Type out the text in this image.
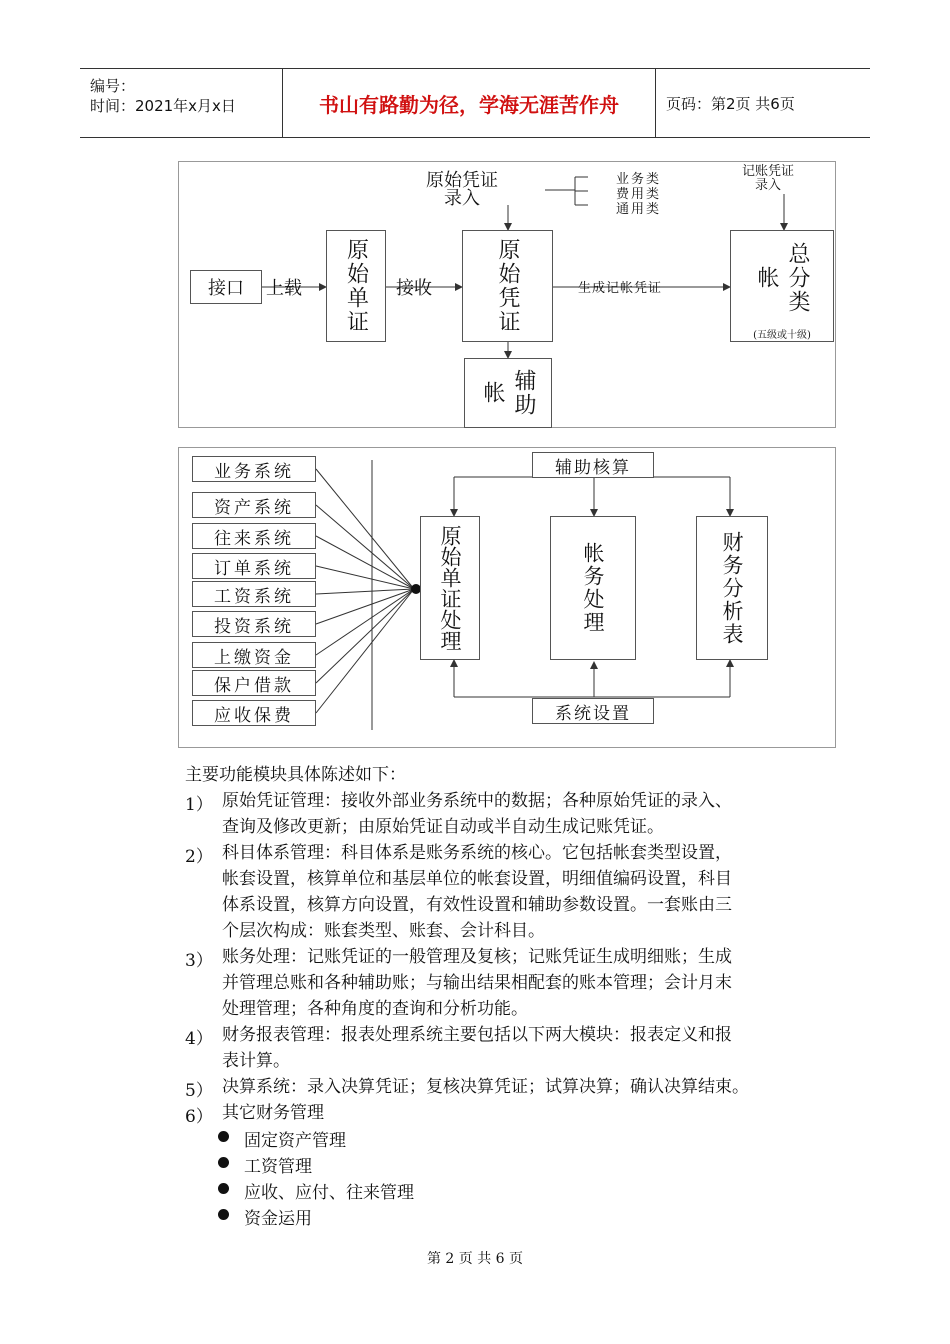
编号：
时间：2021年x月x日	书山有路勤为径，学海无涯苦作舟	页码：第2页 共6页
接口 上载 原始单证 接收
原始凭证
录入
业务类
费用类
通用类
原始凭证	生成记帐凭证
记账凭证
录入
总分类帐
(五级或十级)
辅助帐
业务系统
资产系统
往来系统
订单系统
工资系统
投资系统
上缴资金
保户借款
应收保费
辅助核算
原始单证处理	帐务处理	财务分析表
系统设置
主要功能模块具体陈述如下：
1） 原始凭证管理：接收外部业务系统中的数据；各种原始凭证的录入、
查询及修改更新；由原始凭证自动或半自动生成记账凭证。
2） 科目体系管理：科目体系是账务系统的核心。它包括帐套类型设置，
帐套设置，核算单位和基层单位的帐套设置，明细值编码设置，科目
体系设置，核算方向设置，有效性设置和辅助参数设置。一套账由三
个层次构成：账套类型、账套、会计科目。
3） 账务处理：记账凭证的一般管理及复核；记账凭证生成明细账；生成
并管理总账和各种辅助账；与输出结果相配套的账本管理；会计月末
处理管理；各种角度的查询和分析功能。
4） 财务报表管理：报表处理系统主要包括以下两大模块：报表定义和报
表计算。
5） 决算系统：录入决算凭证；复核决算凭证；试算决算；确认决算结束。
6） 其它财务管理
固定资产管理
工资管理
应收、应付、往来管理
资金运用
第 2 页 共 6 页
